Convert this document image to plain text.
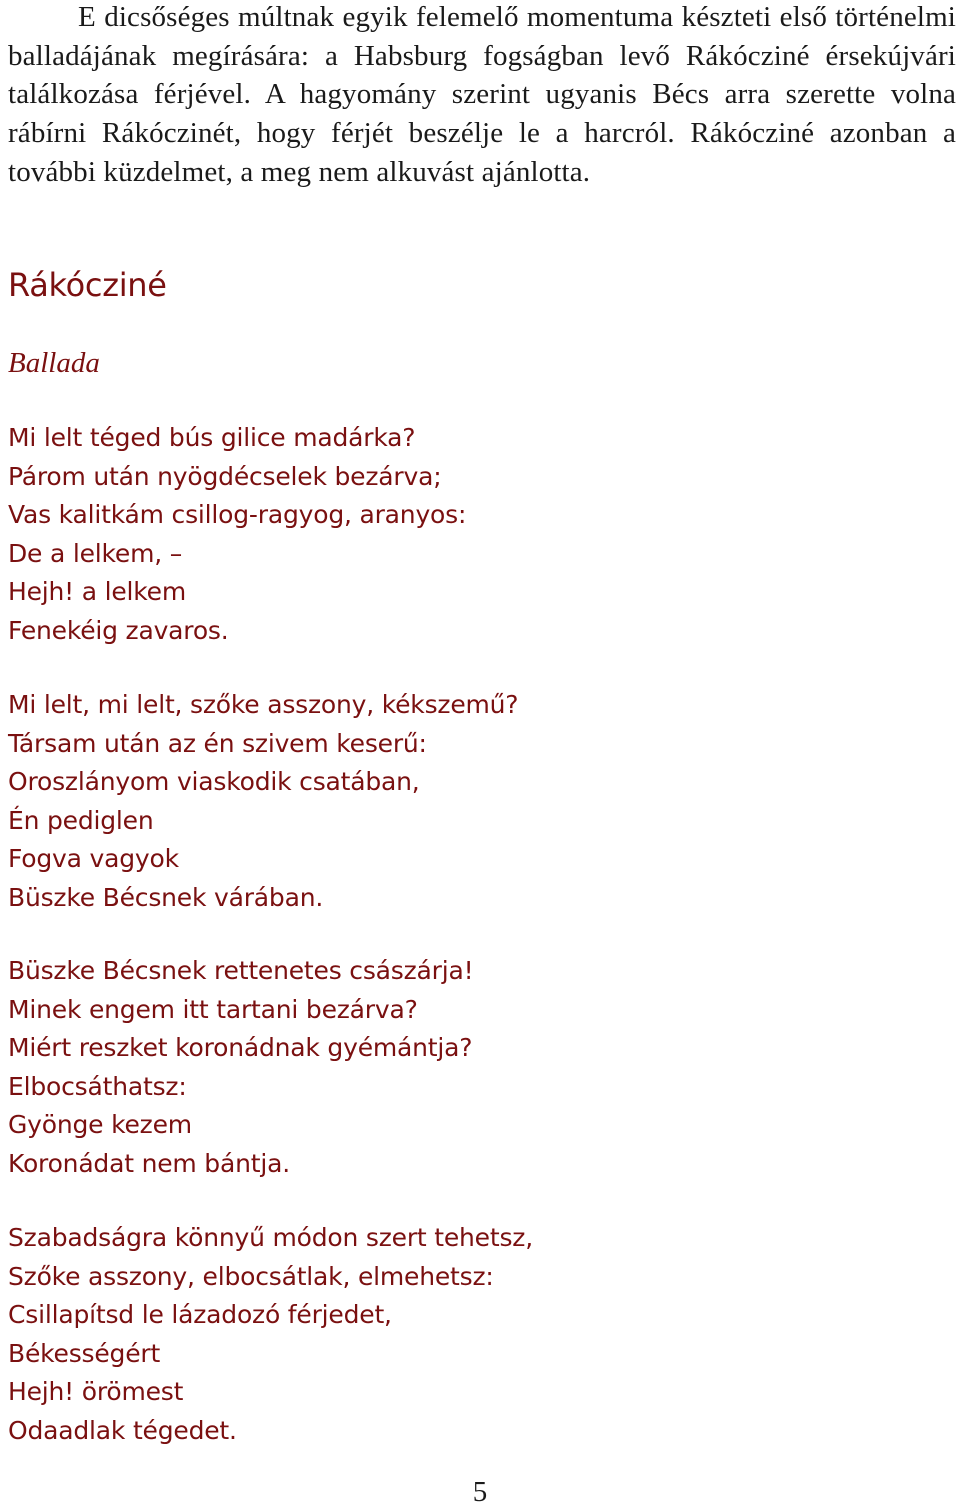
E dicsőséges múltnak egyik felemelő momentuma készteti első történelmi balladájának megírására: a Habsburg fogságban levő Rákócziné érsekújvári találkozása férjével. A hagyomány szerint ugyanis Bécs arra szerette volna rábírni Rákóczinét, hogy férjét beszélje le a harcról. Rákócziné azonban a további küzdelmet, a meg nem alkuvást ajánlotta.

Rákócziné
Ballada
Mi lelt téged bús gilice madárka?
Párom után nyögdécselek bezárva;
Vas kalitkám csillog-ragyog, aranyos:
De a lelkem, –
Hejh! a lelkem
Fenekéig zavaros.
Mi lelt, mi lelt, szőke asszony, kékszemű?
Társam után az én szivem keserű:
Oroszlányom viaskodik csatában,
Én pediglen
Fogva vagyok
Büszke Bécsnek várában.
Büszke Bécsnek rettenetes császárja!
Minek engem itt tartani bezárva?
Miért reszket koronádnak gyémántja?
Elbocsáthatsz:
Gyönge kezem
Koronádat nem bántja.
Szabadságra könnyű módon szert tehetsz,
Szőke asszony, elbocsátlak, elmehetsz:
Csillapítsd le lázadozó férjedet,
Békességért
Hejh! örömest
Odaadlak tégedet.
5
